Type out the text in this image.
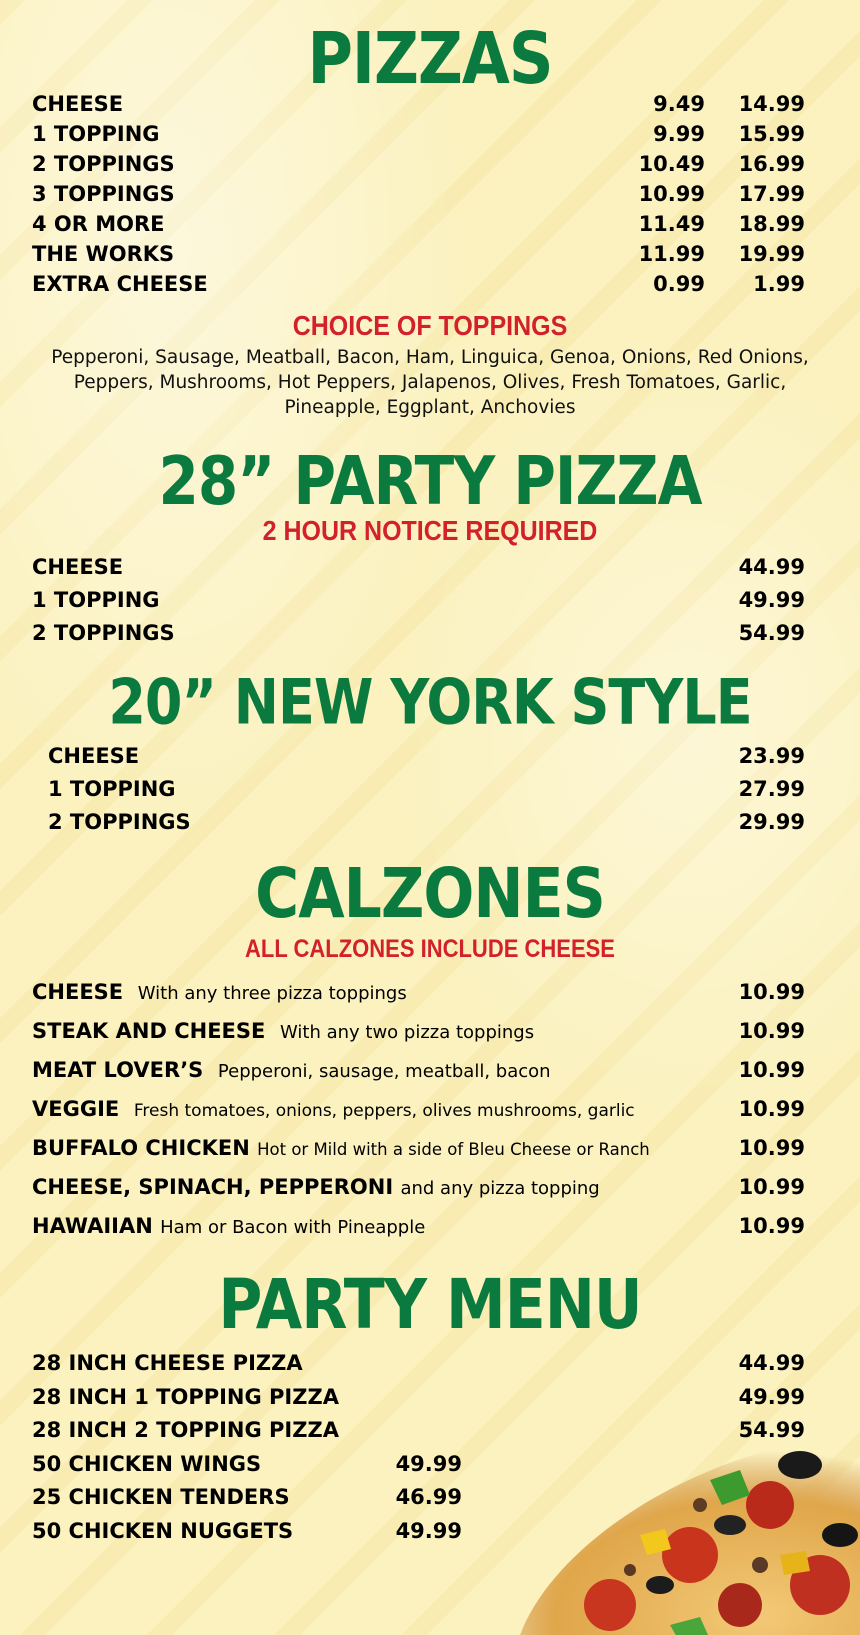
PIZZAS
CHEESE	9.49	14.99
1 TOPPING	9.99	15.99
2 TOPPINGS	10.49	16.99
3 TOPPINGS	10.99	17.99
4 OR MORE	11.49	18.99
THE WORKS	11.99	19.99
EXTRA CHEESE	0.99	1.99
CHOICE OF TOPPINGS
Pepperoni, Sausage, Meatball, Bacon, Ham, Linguica, Genoa, Onions, Red Onions,
Peppers, Mushrooms, Hot Peppers, Jalapenos, Olives, Fresh Tomatoes, Garlic,
Pineapple, Eggplant, Anchovies
28” PARTY PIZZA
2 HOUR NOTICE REQUIRED
CHEESE	44.99
1 TOPPING	49.99
2 TOPPINGS	54.99
20” NEW YORK STYLE
CHEESE	23.99
1 TOPPING	27.99
2 TOPPINGS	29.99
CALZONES
ALL CALZONES INCLUDE CHEESE
CHEESE With any three pizza toppings	10.99
STEAK AND CHEESE With any two pizza toppings	10.99
MEAT LOVER’S Pepperoni, sausage, meatball, bacon	10.99
VEGGIE Fresh tomatoes, onions, peppers, olives mushrooms, garlic	10.99
BUFFALO CHICKEN Hot or Mild with a side of Bleu Cheese or Ranch	10.99
CHEESE, SPINACH, PEPPERONI and any pizza topping	10.99
HAWAIIAN Ham or Bacon with Pineapple	10.99
PARTY MENU
28 INCH CHEESE PIZZA	44.99
28 INCH 1 TOPPING PIZZA	49.99
28 INCH 2 TOPPING PIZZA	54.99
50 CHICKEN WINGS	49.99
25 CHICKEN TENDERS	46.99
50 CHICKEN NUGGETS	49.99
